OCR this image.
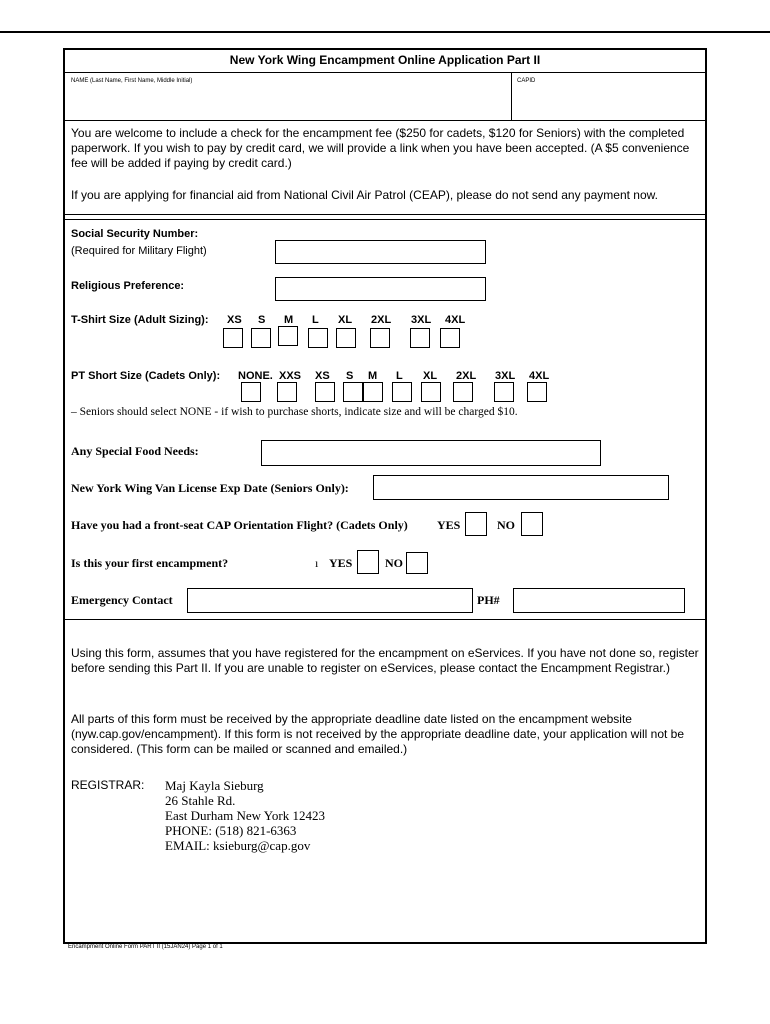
New York Wing Encampment Online Application Part II
NAME (Last Name, First Name, Middle Initial)	CAPID
You are welcome to include a check for the encampment fee ($250 for cadets, $120 for Seniors) with the completed paperwork. If you wish to pay by credit card, we will provide a link when you have been accepted. (A $5 convenience fee will be added if paying by credit card.)
If you are applying for financial aid from National Civil Air Patrol (CEAP), please do not send any payment now.
Social Security Number:
(Required for Military Flight)
Religious Preference:
T-Shirt Size (Adult Sizing): XS S M L XL 2XL 3XL 4XL
PT Short Size (Cadets Only): NONE. XXS XS S M L XL 2XL 3XL 4XL
– Seniors should select NONE - if wish to purchase shorts, indicate size and will be charged $10.
Any Special Food Needs:
New York Wing Van License Exp Date (Seniors Only):
Have you had a front-seat CAP Orientation Flight? (Cadets Only) YES	NO
Is this your first encampment?	ı YES	NO
Emergency Contact	PH#
Using this form, assumes that you have registered for the encampment on eServices. If you have not done so, register before sending this Part II. If you are unable to register on eServices, please contact the Encampment Registrar.)
All parts of this form must be received by the appropriate deadline date listed on the encampment website (nyw.cap.gov/encampment). If this form is not received by the appropriate deadline date, your application will not be considered. (This form can be mailed or scanned and emailed.)
REGISTRAR: Maj Kayla Sieburg
26 Stahle Rd.
East Durham New York 12423
PHONE: (518) 821-6363
EMAIL: ksieburg@cap.gov
Encampment Online Form PART II (15JAN24) Page 1 of 1
